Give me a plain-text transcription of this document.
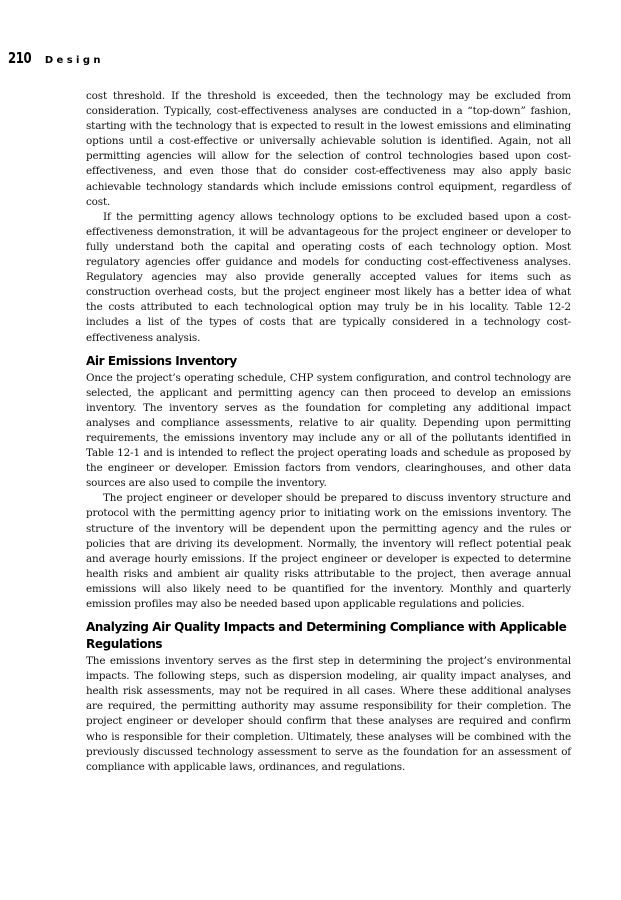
210 Design

cost threshold. If the threshold is exceeded, then the technology may be excluded from consideration. Typically, cost-effectiveness analyses are conducted in a “top-down” fashion, starting with the technology that is expected to result in the lowest emissions and eliminating options until a cost-effective or universally achievable solution is identified. Again, not all permitting agencies will allow for the selection of control technologies based upon cost-effectiveness, and even those that do consider cost-effectiveness may also apply basic achievable technology standards which include emissions control equipment, regardless of cost.

If the permitting agency allows technology options to be excluded based upon a cost-effectiveness demonstration, it will be advantageous for the project engineer or developer to fully understand both the capital and operating costs of each technology option. Most regulatory agencies offer guidance and models for conducting cost-effectiveness analyses. Regulatory agencies may also provide generally accepted values for items such as construction overhead costs, but the project engineer most likely has a better idea of what the costs attributed to each technological option may truly be in his locality. Table 12-2 includes a list of the types of costs that are typically considered in a technology cost-effectiveness analysis.

Air Emissions Inventory

Once the project’s operating schedule, CHP system configuration, and control technology are selected, the applicant and permitting agency can then proceed to develop an emissions inventory. The inventory serves as the foundation for completing any additional impact analyses and compliance assessments, relative to air quality. Depending upon permitting requirements, the emissions inventory may include any or all of the pollutants identified in Table 12-1 and is intended to reflect the project operating loads and schedule as proposed by the engineer or developer. Emission factors from vendors, clearinghouses, and other data sources are also used to compile the inventory.

The project engineer or developer should be prepared to discuss inventory structure and protocol with the permitting agency prior to initiating work on the emissions inventory. The structure of the inventory will be dependent upon the permitting agency and the rules or policies that are driving its development. Normally, the inventory will reflect potential peak and average hourly emissions. If the project engineer or developer is expected to determine health risks and ambient air quality risks attributable to the project, then average annual emissions will also likely need to be quantified for the inventory. Monthly and quarterly emission profiles may also be needed based upon applicable regulations and policies.

Analyzing Air Quality Impacts and Determining Compliance with Applicable Regulations

The emissions inventory serves as the first step in determining the project’s environmental impacts. The following steps, such as dispersion modeling, air quality impact analyses, and health risk assessments, may not be required in all cases. Where these additional analyses are required, the permitting authority may assume responsibility for their completion. The project engineer or developer should confirm that these analyses are required and confirm who is responsible for their completion. Ultimately, these analyses will be combined with the previously discussed technology assessment to serve as the foundation for an assessment of compliance with applicable laws, ordinances, and regulations.
